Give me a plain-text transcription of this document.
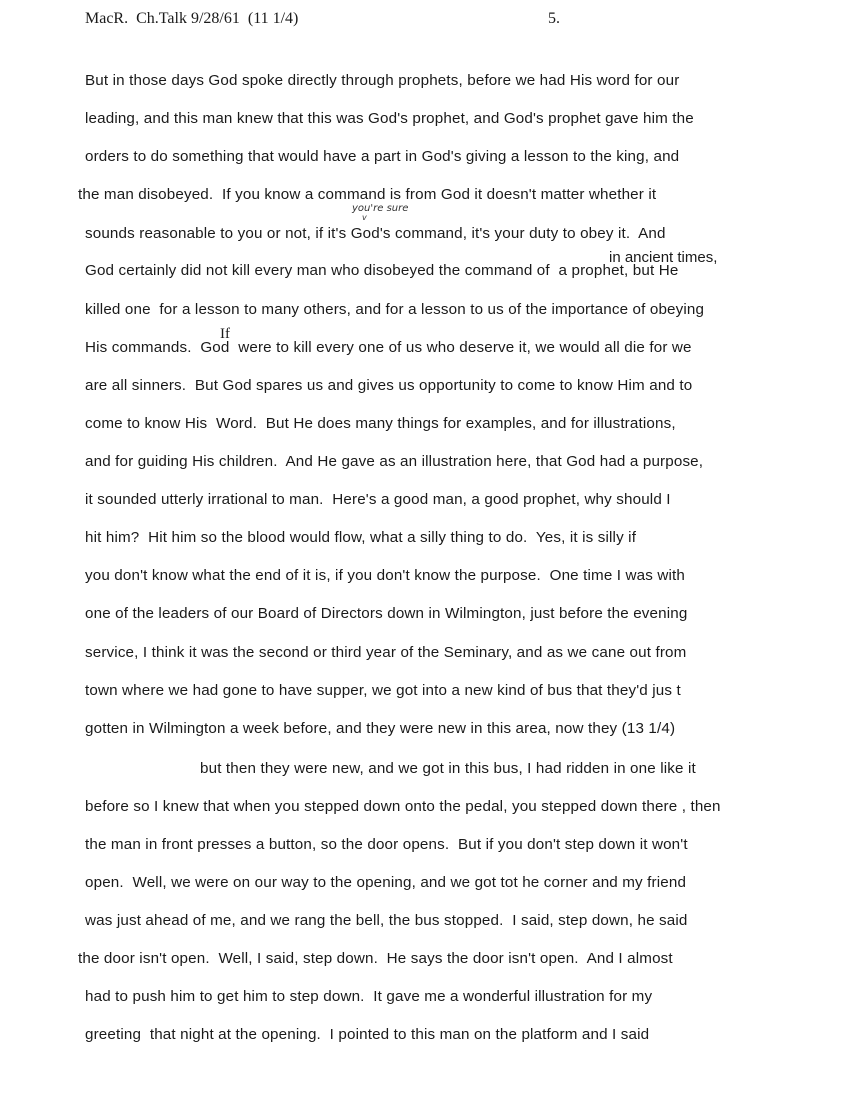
MacR.  Ch.Talk 9/28/61  (11 1/4)	5.
But in those days God spoke directly through prophets, before we had His word for our
leading, and this man knew that this was God's prophet, and God's prophet gave him the
orders to do something that would have a part in God's giving a lesson to the king, and
the man disobeyed.  If you know a command is from God it doesn't matter whether it
sounds reasonable to you or not, if it's God's command, it's your duty to obey it.  And
God certainly did not kill every man who disobeyed the command of  a prophet, but He
killed one  for a lesson to many others, and for a lesson to us of the importance of obeying
His commands.  God  were to kill every one of us who deserve it, we would all die for we
are all sinners.  But God spares us and gives us opportunity to come to know Him and to
come to know His  Word.  But He does many things for examples, and for illustrations,
and for guiding His children.  And He gave as an illustration here, that God had a purpose,
it sounded utterly irrational to man.  Here's a good man, a good prophet, why should I
hit him?  Hit him so the blood would flow, what a silly thing to do.  Yes, it is silly if
you don't know what the end of it is, if you don't know the purpose.  One time I was with
one of the leaders of our Board of Directors down in Wilmington, just before the evening
service, I think it was the second or third year of the Seminary, and as we cane out from
town where we had gone to have supper, we got into a new kind of bus that they'd jus t
gotten in Wilmington a week before, and they were new in this area, now they (13 1/4)
but then they were new, and we got in this bus, I had ridden in one like it
before so I knew that when you stepped down onto the pedal, you stepped down there , then
the man in front presses a button, so the door opens.  But if you don't step down it won't
open.  Well, we were on our way to the opening, and we got tot he corner and my friend
was just ahead of me, and we rang the bell, the bus stopped.  I said, step down, he said
the door isn't open.  Well, I said, step down.  He says the door isn't open.  And I almost
had to push him to get him to step down.  It gave me a wonderful illustration for my
greeting  that night at the opening.  I pointed to this man on the platform and I said
you're sure
v
in ancient times,
If
